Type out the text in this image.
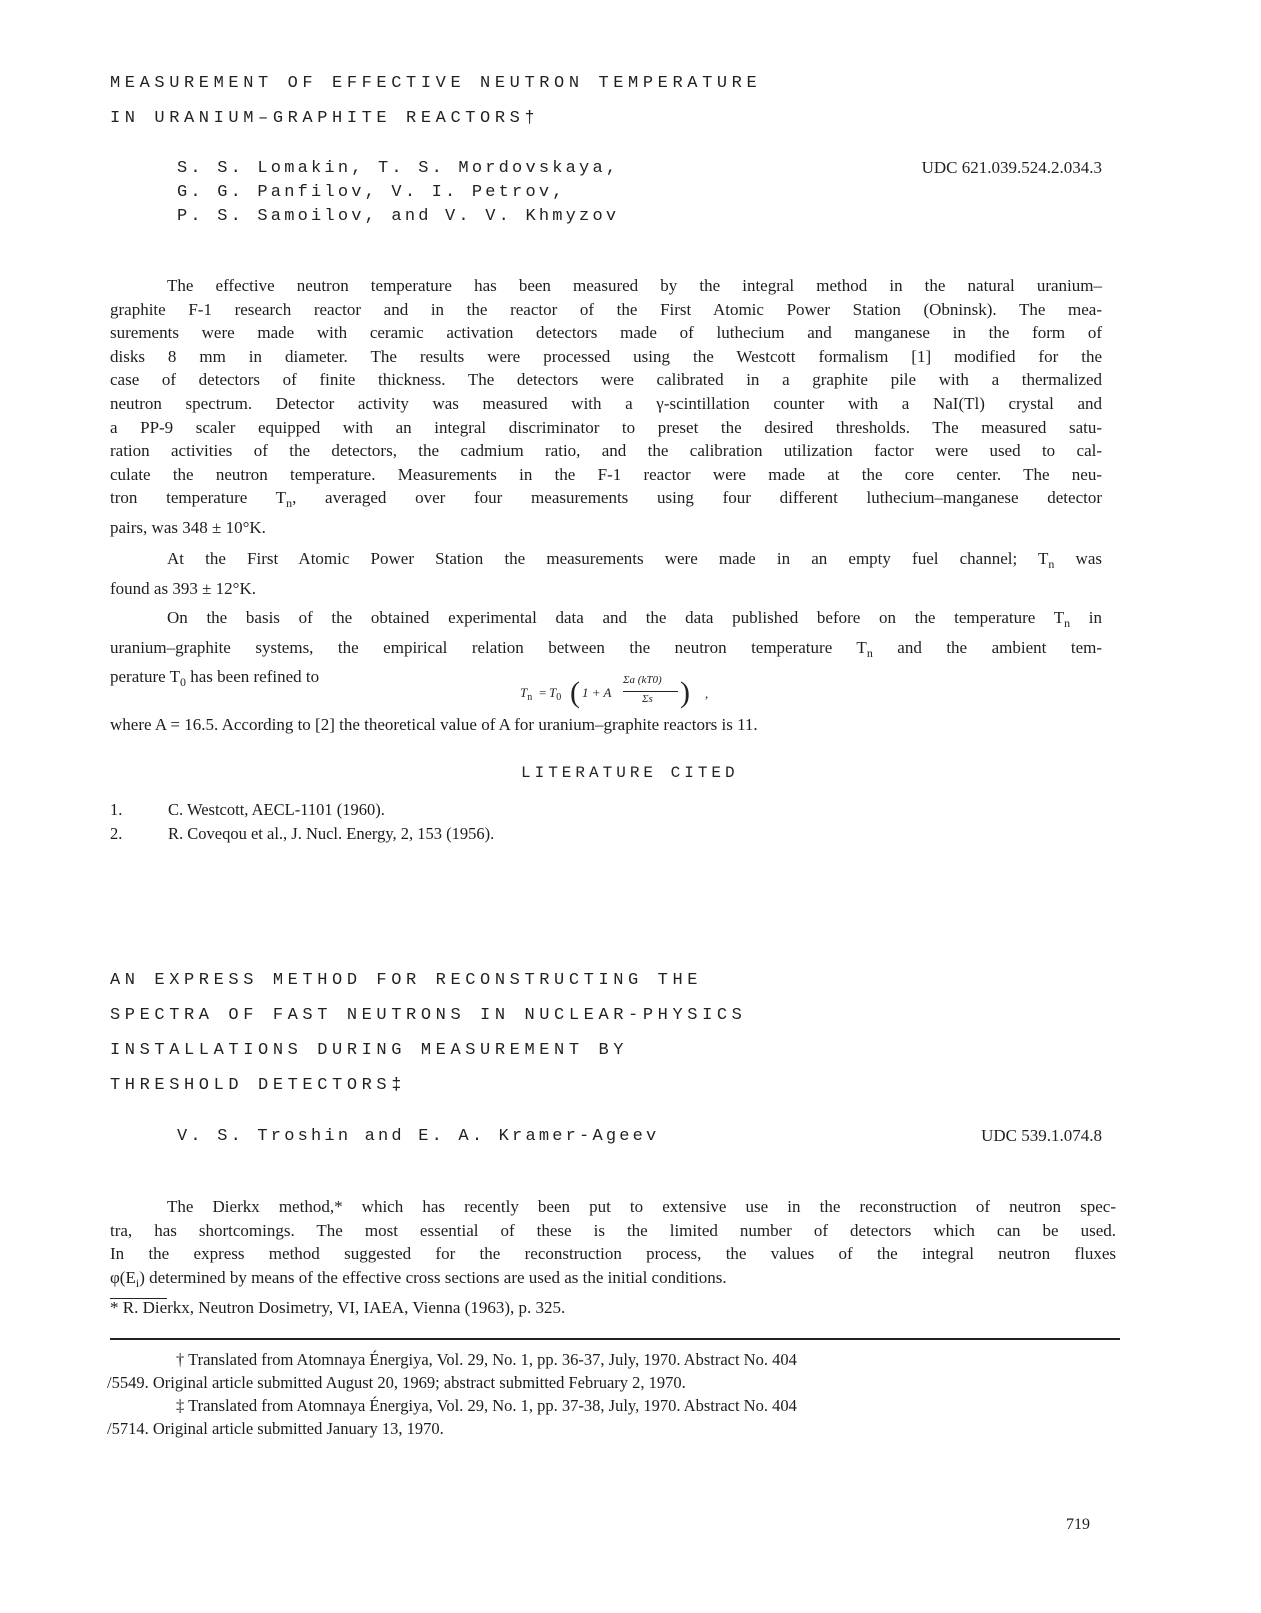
MEASUREMENT OF EFFECTIVE NEUTRON TEMPERATURE
IN URANIUM–GRAPHITE REACTORS†
S. S. Lomakin, T. S. Mordovskaya,
G. G. Panfilov, V. I. Petrov,
P. S. Samoilov, and V. V. Khmyzov
UDC 621.039.524.2.034.3
The effective neutron temperature has been measured by the integral method in the natural uranium–
graphite F-1 research reactor and in the reactor of the First Atomic Power Station (Obninsk). The mea-
surements were made with ceramic activation detectors made of luthecium and manganese in the form of
disks 8 mm in diameter. The results were processed using the Westcott formalism [1] modified for the
case of detectors of finite thickness. The detectors were calibrated in a graphite pile with a thermalized
neutron spectrum. Detector activity was measured with a γ-scintillation counter with a NaI(Tl) crystal and
a PP-9 scaler equipped with an integral discriminator to preset the desired thresholds. The measured satu-
ration activities of the detectors, the cadmium ratio, and the calibration utilization factor were used to cal-
culate the neutron temperature. Measurements in the F-1 reactor were made at the core center. The neu-
tron temperature $T_n$, averaged over four measurements using four different luthecium–manganese detector
pairs, was 348 ± 10°K.
At the First Atomic Power Station the measurements were made in an empty fuel channel; $T_n$ was
found as 393 ± 12°K.
On the basis of the obtained experimental data and the data published before on the temperature $T_n$ in
uranium–graphite systems, the empirical relation between the neutron temperature $T_n$ and the ambient tem-
perature $T_0$ has been refined to
$T_n = T_0$ ( 1 + A
Σa (kT0)
Σs ) ,
where A = 16.5. According to [2] the theoretical value of A for uranium–graphite reactors is 11.
LITERATURE CITED
1.	C. Westcott, AECL-1101 (1960).
2.	R. Coveqou et al., J. Nucl. Energy, 2, 153 (1956).
AN EXPRESS METHOD FOR RECONSTRUCTING THE
SPECTRA OF FAST NEUTRONS IN NUCLEAR-PHYSICS
INSTALLATIONS DURING MEASUREMENT BY
THRESHOLD DETECTORS‡
V. S. Troshin and E. A. Kramer-Ageev	UDC 539.1.074.8
The Dierkx method,* which has recently been put to extensive use in the reconstruction of neutron spec-
tra, has shortcomings. The most essential of these is the limited number of detectors which can be used.
In the express method suggested for the reconstruction process, the values of the integral neutron fluxes
$\varphi(E_i)$ determined by means of the effective cross sections are used as the initial conditions.
* R. Dierkx, Neutron Dosimetry, VI, IAEA, Vienna (1963), p. 325.
† Translated from Atomnaya Énergiya, Vol. 29, No. 1, pp. 36-37, July, 1970. Abstract No. 404
/5549. Original article submitted August 20, 1969; abstract submitted February 2, 1970.
‡ Translated from Atomnaya Énergiya, Vol. 29, No. 1, pp. 37-38, July, 1970. Abstract No. 404
/5714. Original article submitted January 13, 1970.
719
